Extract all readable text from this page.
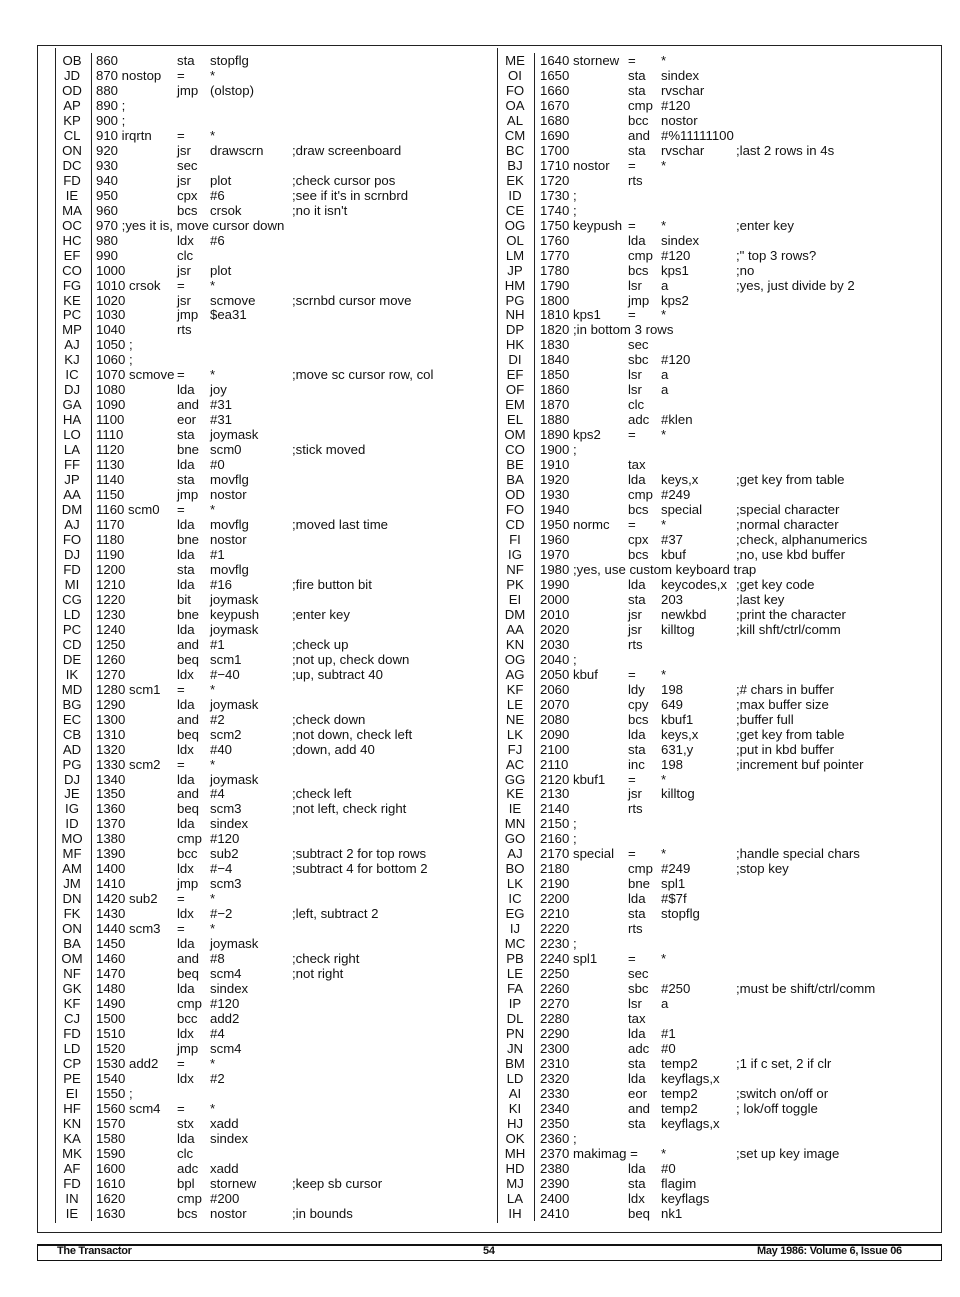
OB	860	sta stopflg
JD	870 nostop = *
OD	880	jmp (olstop)
AP	890 ;
KP	900 ;
CL	910 irqrtn = *
ON	920	jsr drawscrn ;draw screenboard
DC	930	sec
FD	940	jsr plot	;check cursor pos
IE	950	cpx #6	;see if it's in scrnbrd
MA	960	bcs crsok	;no it isn't
OC	970 ;yes it is, move cursor down
HC	980	ldx #6
EF	990	clc
CO	1000	jsr plot
FG	1010 crsok = *
KE	1020	jsr scmove	;scrnbd cursor move
PC	1030	jmp $ea31
MP	1040	rts
AJ	1050 ;
KJ	1060 ;
IC	1070 scmove = *	;move sc cursor row, col
DJ	1080	lda joy
GA	1090	and #31
HA	1100	eor #31
LO	1110	sta joymask
LA	1120	bne scm0	;stick moved
FF	1130	lda #0
JP	1140	sta movflg
AA	1150	jmp nostor
DM	1160 scm0 = *
AJ	1170	lda movflg	;moved last time
FO	1180	bne nostor
DJ	1190	lda #1
FD	1200	sta movflg
MI	1210	lda #16	;fire button bit
CG	1220	bit joymask
LD	1230	bne keypush ;enter key
PC	1240	lda joymask
CD	1250	and #1	;check up
DE	1260	beq scm1	;not up, check down
IK	1270	ldx #−40	;up, subtract 40
MD	1280 scm1 = *
BG	1290	lda joymask
EC	1300	and #2	;check down
CB	1310	beq scm2	;not down, check left
AD	1320	ldx #40	;down, add 40
PG	1330 scm2 = *
DJ	1340	lda joymask
JE	1350	and #4	;check left
IG	1360	beq scm3	;not left, check right
ID	1370	lda sindex
MO	1380	cmp #120
MF	1390	bcc sub2	;subtract 2 for top rows
AM	1400	ldx #−4	;subtract 4 for bottom 2
JM	1410	jmp scm3
DN	1420 sub2 = *
FK	1430	ldx #−2	;left, subtract 2
ON	1440 scm3 = *
BA	1450	lda joymask
OM	1460	and #8	;check right
NF	1470	beq scm4	;not right
GK	1480	lda sindex
KF	1490	cmp #120
CJ	1500	bcc add2
FD	1510	ldx #4
LD	1520	jmp scm4
CP	1530 add2 = *
PE	1540	ldx #2
EI	1550 ;
HF	1560 scm4 = *
KN	1570	stx xadd
KA	1580	lda sindex
MK	1590	clc
AF	1600	adc xadd
FD	1610	bpl stornew	;keep sb cursor
IN	1620	cmp #200
IE	1630	bcs nostor	;in bounds
ME	1640 stornew = *
OI	1650	sta sindex
FO	1660	sta rvschar
OA	1670	cmp #120
AL	1680	bcc nostor
CM	1690	and #%11111100
BC	1700	sta rvschar ;last 2 rows in 4s
BJ	1710 nostor = *
EK	1720	rts
ID	1730 ;
CE	1740 ;
OG	1750 keypush = *	;enter key
OL	1760	lda sindex
LM	1770	cmp #120	;" top 3 rows?
JP	1780	bcs kps1	;no
HM	1790	lsr a	;yes, just divide by 2
PG	1800	jmp kps2
NH	1810 kps1 = *
DP	1820 ;in bottom 3 rows
HK	1830	sec
DI	1840	sbc #120
EF	1850	lsr a
OF	1860	lsr a
EM	1870	clc
EL	1880	adc #klen
OM	1890 kps2 = *
CO	1900 ;
BE	1910	tax
BA	1920	lda keys,x	;get key from table
OD	1930	cmp #249
FO	1940	bcs special	;special character
CD	1950 normc = *	;normal character
FI	1960	cpx #37	;check, alphanumerics
IG	1970	bcs kbuf	;no, use kbd buffer
NF	1980 ;yes, use custom keyboard trap
PK	1990	lda keycodes,x ;get key code
EI	2000	sta 203	;last key
DM	2010	jsr newkbd ;print the character
AA	2020	jsr killtog	;kill shft/ctrl/comm
KN	2030	rts
OG	2040 ;
AG	2050 kbuf = *
KF	2060	ldy 198	;# chars in buffer
LE	2070	cpy 649	;max buffer size
NE	2080	bcs kbuf1	;buffer full
LK	2090	lda keys,x	;get key from table
FJ	2100	sta 631,y	;put in kbd buffer
AC	2110	inc 198	;increment buf pointer
GG	2120 kbuf1 = *
KE	2130	jsr killtog
IE	2140	rts
MN	2150 ;
GO	2160 ;
AJ	2170 special = *	;handle special chars
BO	2180	cmp #249	;stop key
LK	2190	bne spl1
IC	2200	lda #$7f
EG	2210	sta stopflg
IJ	2220	rts
MC	2230 ;
PB	2240 spl1 = *
LE	2250	sec
FA	2260	sbc #250	;must be shift/ctrl/comm
IP	2270	lsr a
DL	2280	tax
PN	2290	lda #1
JN	2300	adc #0
BM	2310	sta temp2	;1 if c set, 2 if clr
LD	2320	lda keyflags,x
AI	2330	eor temp2	;switch on/off or
KI	2340	and temp2	; lok/off toggle
HJ	2350	sta keyflags,x
OK	2360 ;
MH	2370 makimag = *	;set up key image
HD	2380	lda #0
MJ	2390	sta flagim
LA	2400	ldx keyflags
IH	2410	beq nk1
The Transactor	54	May 1986: Volume 6, Issue 06
